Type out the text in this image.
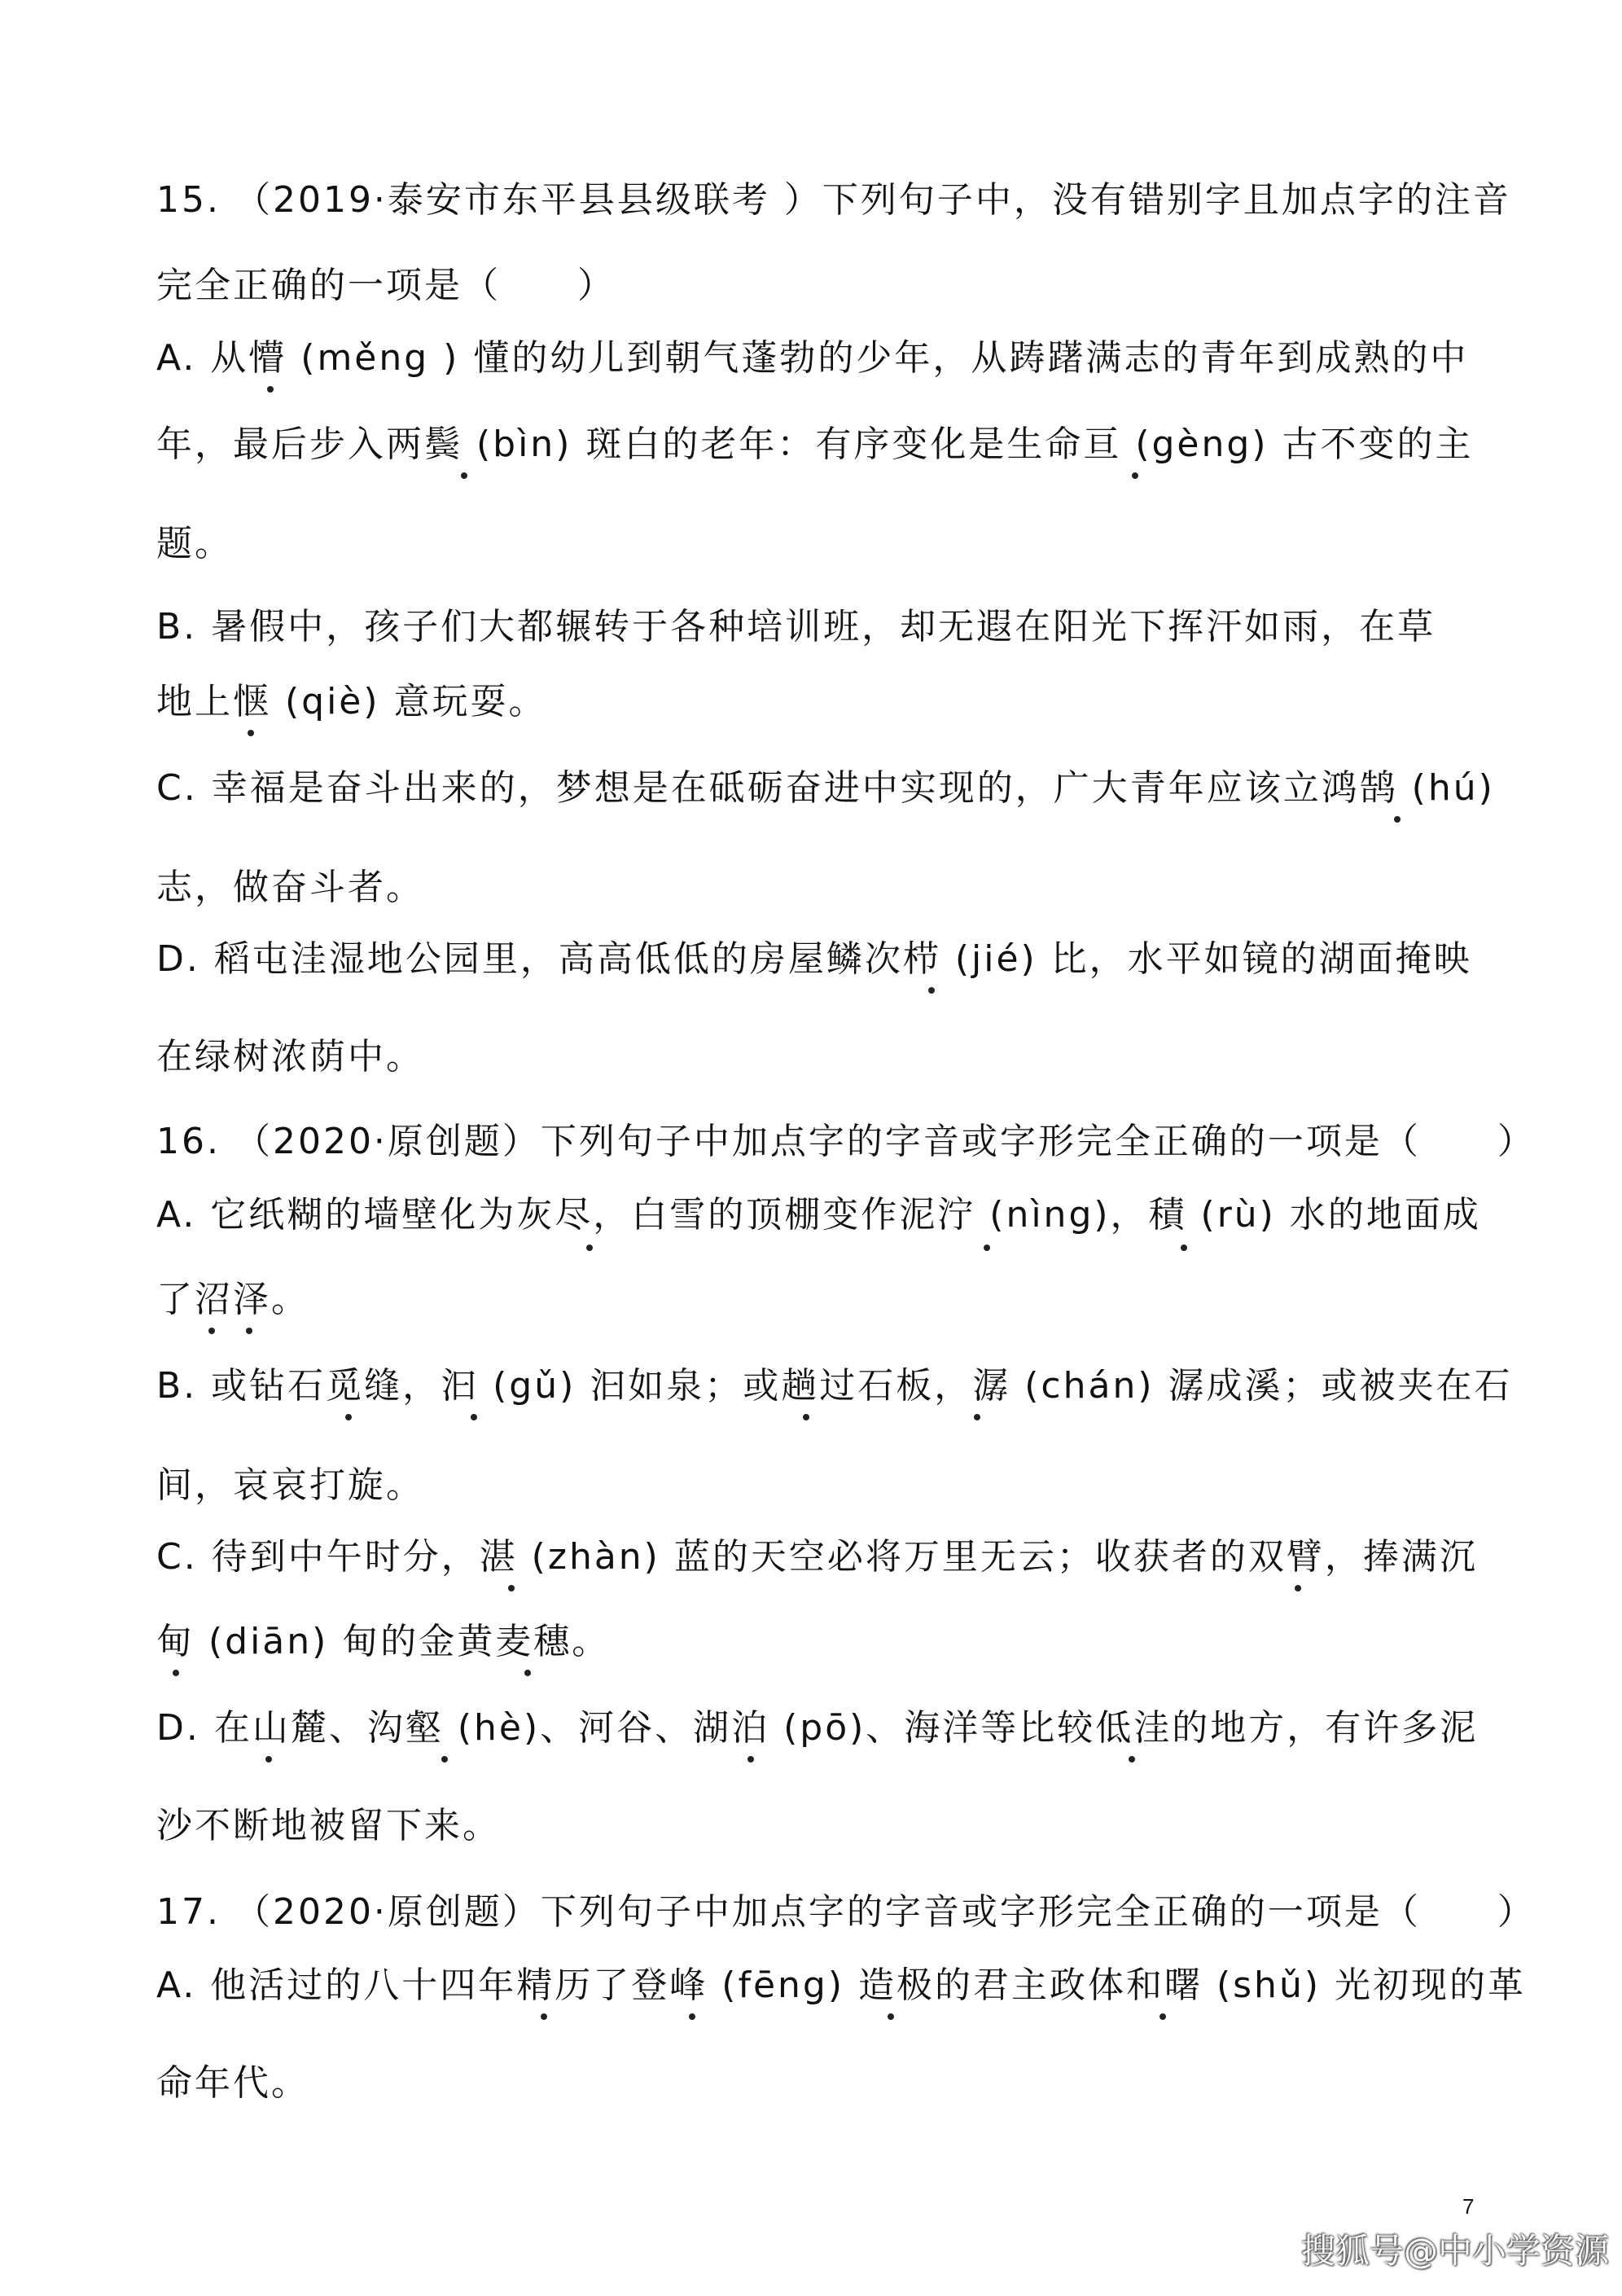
15. （2019·泰安市东平县县级联考 ）下列句子中，没有错别字且加点字的注音
完全正确的一项是（　　）
A. 从懵 (měng ) 懂的幼儿到朝气蓬勃的少年，从踌躇满志的青年到成熟的中
年，最后步入两鬓 (bìn) 斑白的老年：有序变化是生命亘 (gèng) 古不变的主
题。
B. 暑假中，孩子们大都辗转于各种培训班，却无遐在阳光下挥汗如雨，在草
地上惬 (qiè) 意玩耍。
C. 幸福是奋斗出来的，梦想是在砥砺奋进中实现的，广大青年应该立鸿鹄 (hú)
志，做奋斗者。
D. 稻屯洼湿地公园里，高高低低的房屋鳞次栉 (jié) 比，水平如镜的湖面掩映
在绿树浓荫中。
16. （2020·原创题）下列句子中加点字的字音或字形完全正确的一项是（　　）
A. 它纸糊的墙壁化为灰尽，白雪的顶棚变作泥泞 (nìng)，積 (rù) 水的地面成
了沼泽。
B. 或钻石觅缝，汩 (gǔ) 汩如泉；或趟过石板，潺 (chán) 潺成溪；或被夹在石
间，哀哀打旋。
C. 待到中午时分，湛 (zhàn) 蓝的天空必将万里无云；收获者的双臂，捧满沉
甸 (diān) 甸的金黄麦穗。
D. 在山麓、沟壑 (hè)、河谷、湖泊 (pō)、海洋等比较低洼的地方，有许多泥
沙不断地被留下来。
17. （2020·原创题）下列句子中加点字的字音或字形完全正确的一项是（　　）
A. 他活过的八十四年精历了登峰 (fēng) 造极的君主政体和曙 (shǔ) 光初现的革
命年代。
7
搜狐号@中小学资源
